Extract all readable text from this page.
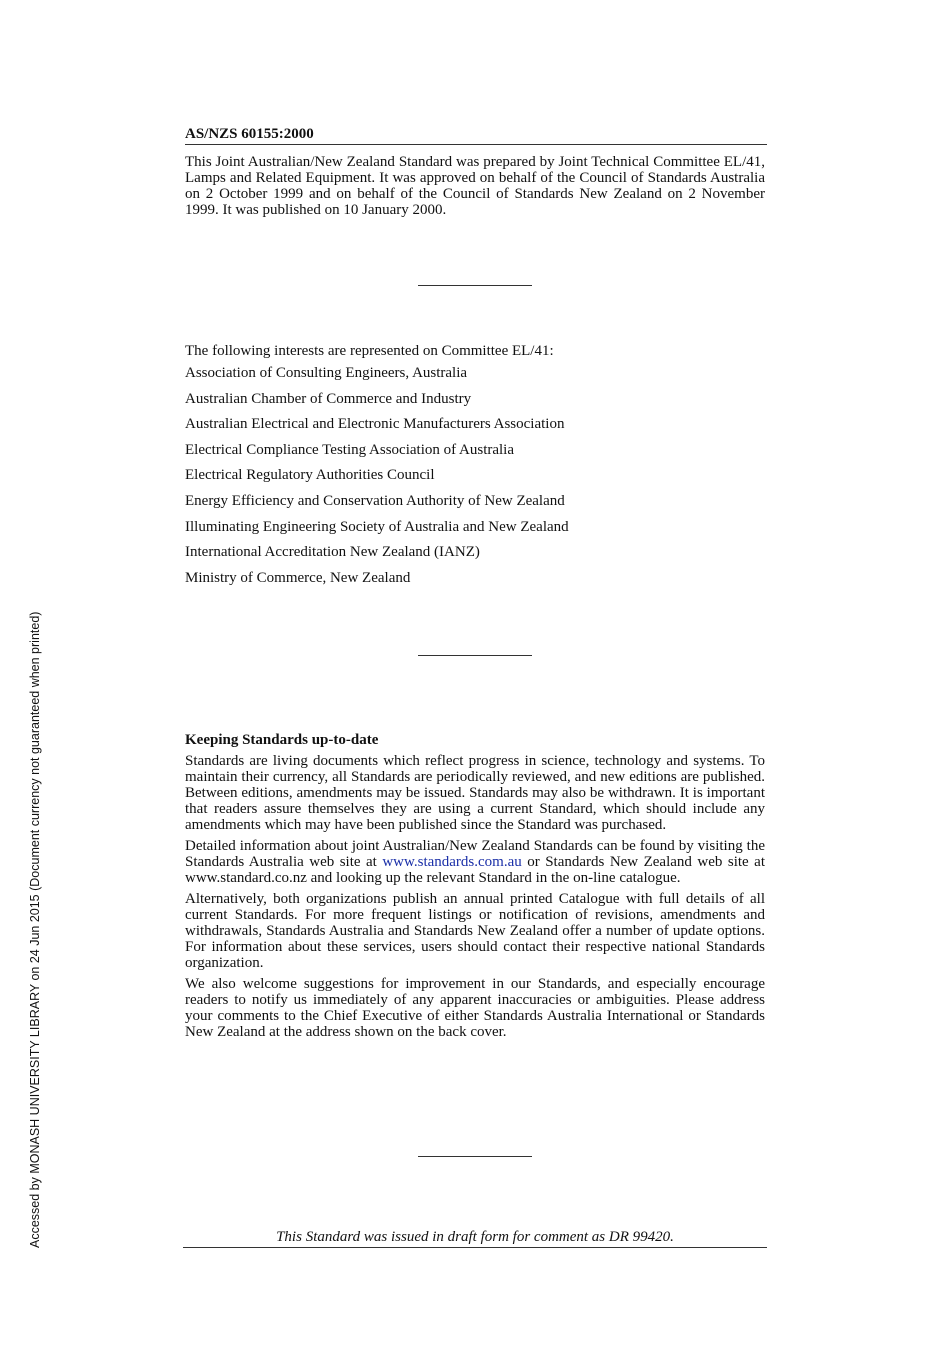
AS/NZS 60155:2000
This Joint Australian/New Zealand Standard was prepared by Joint Technical Committee EL/41, Lamps and Related Equipment. It was approved on behalf of the Council of Standards Australia on 2 October 1999 and on behalf of the Council of Standards New Zealand on 2 November 1999. It was published on 10 January 2000.

The following interests are represented on Committee EL/41:

Association of Consulting Engineers, Australia
Australian Chamber of Commerce and Industry
Australian Electrical and Electronic Manufacturers Association
Electrical Compliance Testing Association of Australia
Electrical Regulatory Authorities Council
Energy Efficiency and Conservation Authority of New Zealand
Illuminating Engineering Society of Australia and New Zealand
International Accreditation New Zealand (IANZ)
Ministry of Commerce, New Zealand

Keeping Standards up-to-date

Standards are living documents which reflect progress in science, technology and systems. To maintain their currency, all Standards are periodically reviewed, and new editions are published. Between editions, amendments may be issued. Standards may also be withdrawn. It is important that readers assure themselves they are using a current Standard, which should include any amendments which may have been published since the Standard was purchased.

Detailed information about joint Australian/New Zealand Standards can be found by visiting the Standards Australia web site at www.standards.com.au or Standards New Zealand web site at www.standard.co.nz and looking up the relevant Standard in the on-line catalogue.

Alternatively, both organizations publish an annual printed Catalogue with full details of all current Standards. For more frequent listings or notification of revisions, amendments and withdrawals, Standards Australia and Standards New Zealand offer a number of update options. For information about these services, users should contact their respective national Standards organization.

We also welcome suggestions for improvement in our Standards, and especially encourage readers to notify us immediately of any apparent inaccuracies or ambiguities. Please address your comments to the Chief Executive of either Standards Australia International or Standards New Zealand at the address shown on the back cover.

This Standard was issued in draft form for comment as DR 99420.
Accessed by MONASH UNIVERSITY LIBRARY on 24 Jun 2015 (Document currency not guaranteed when printed)
